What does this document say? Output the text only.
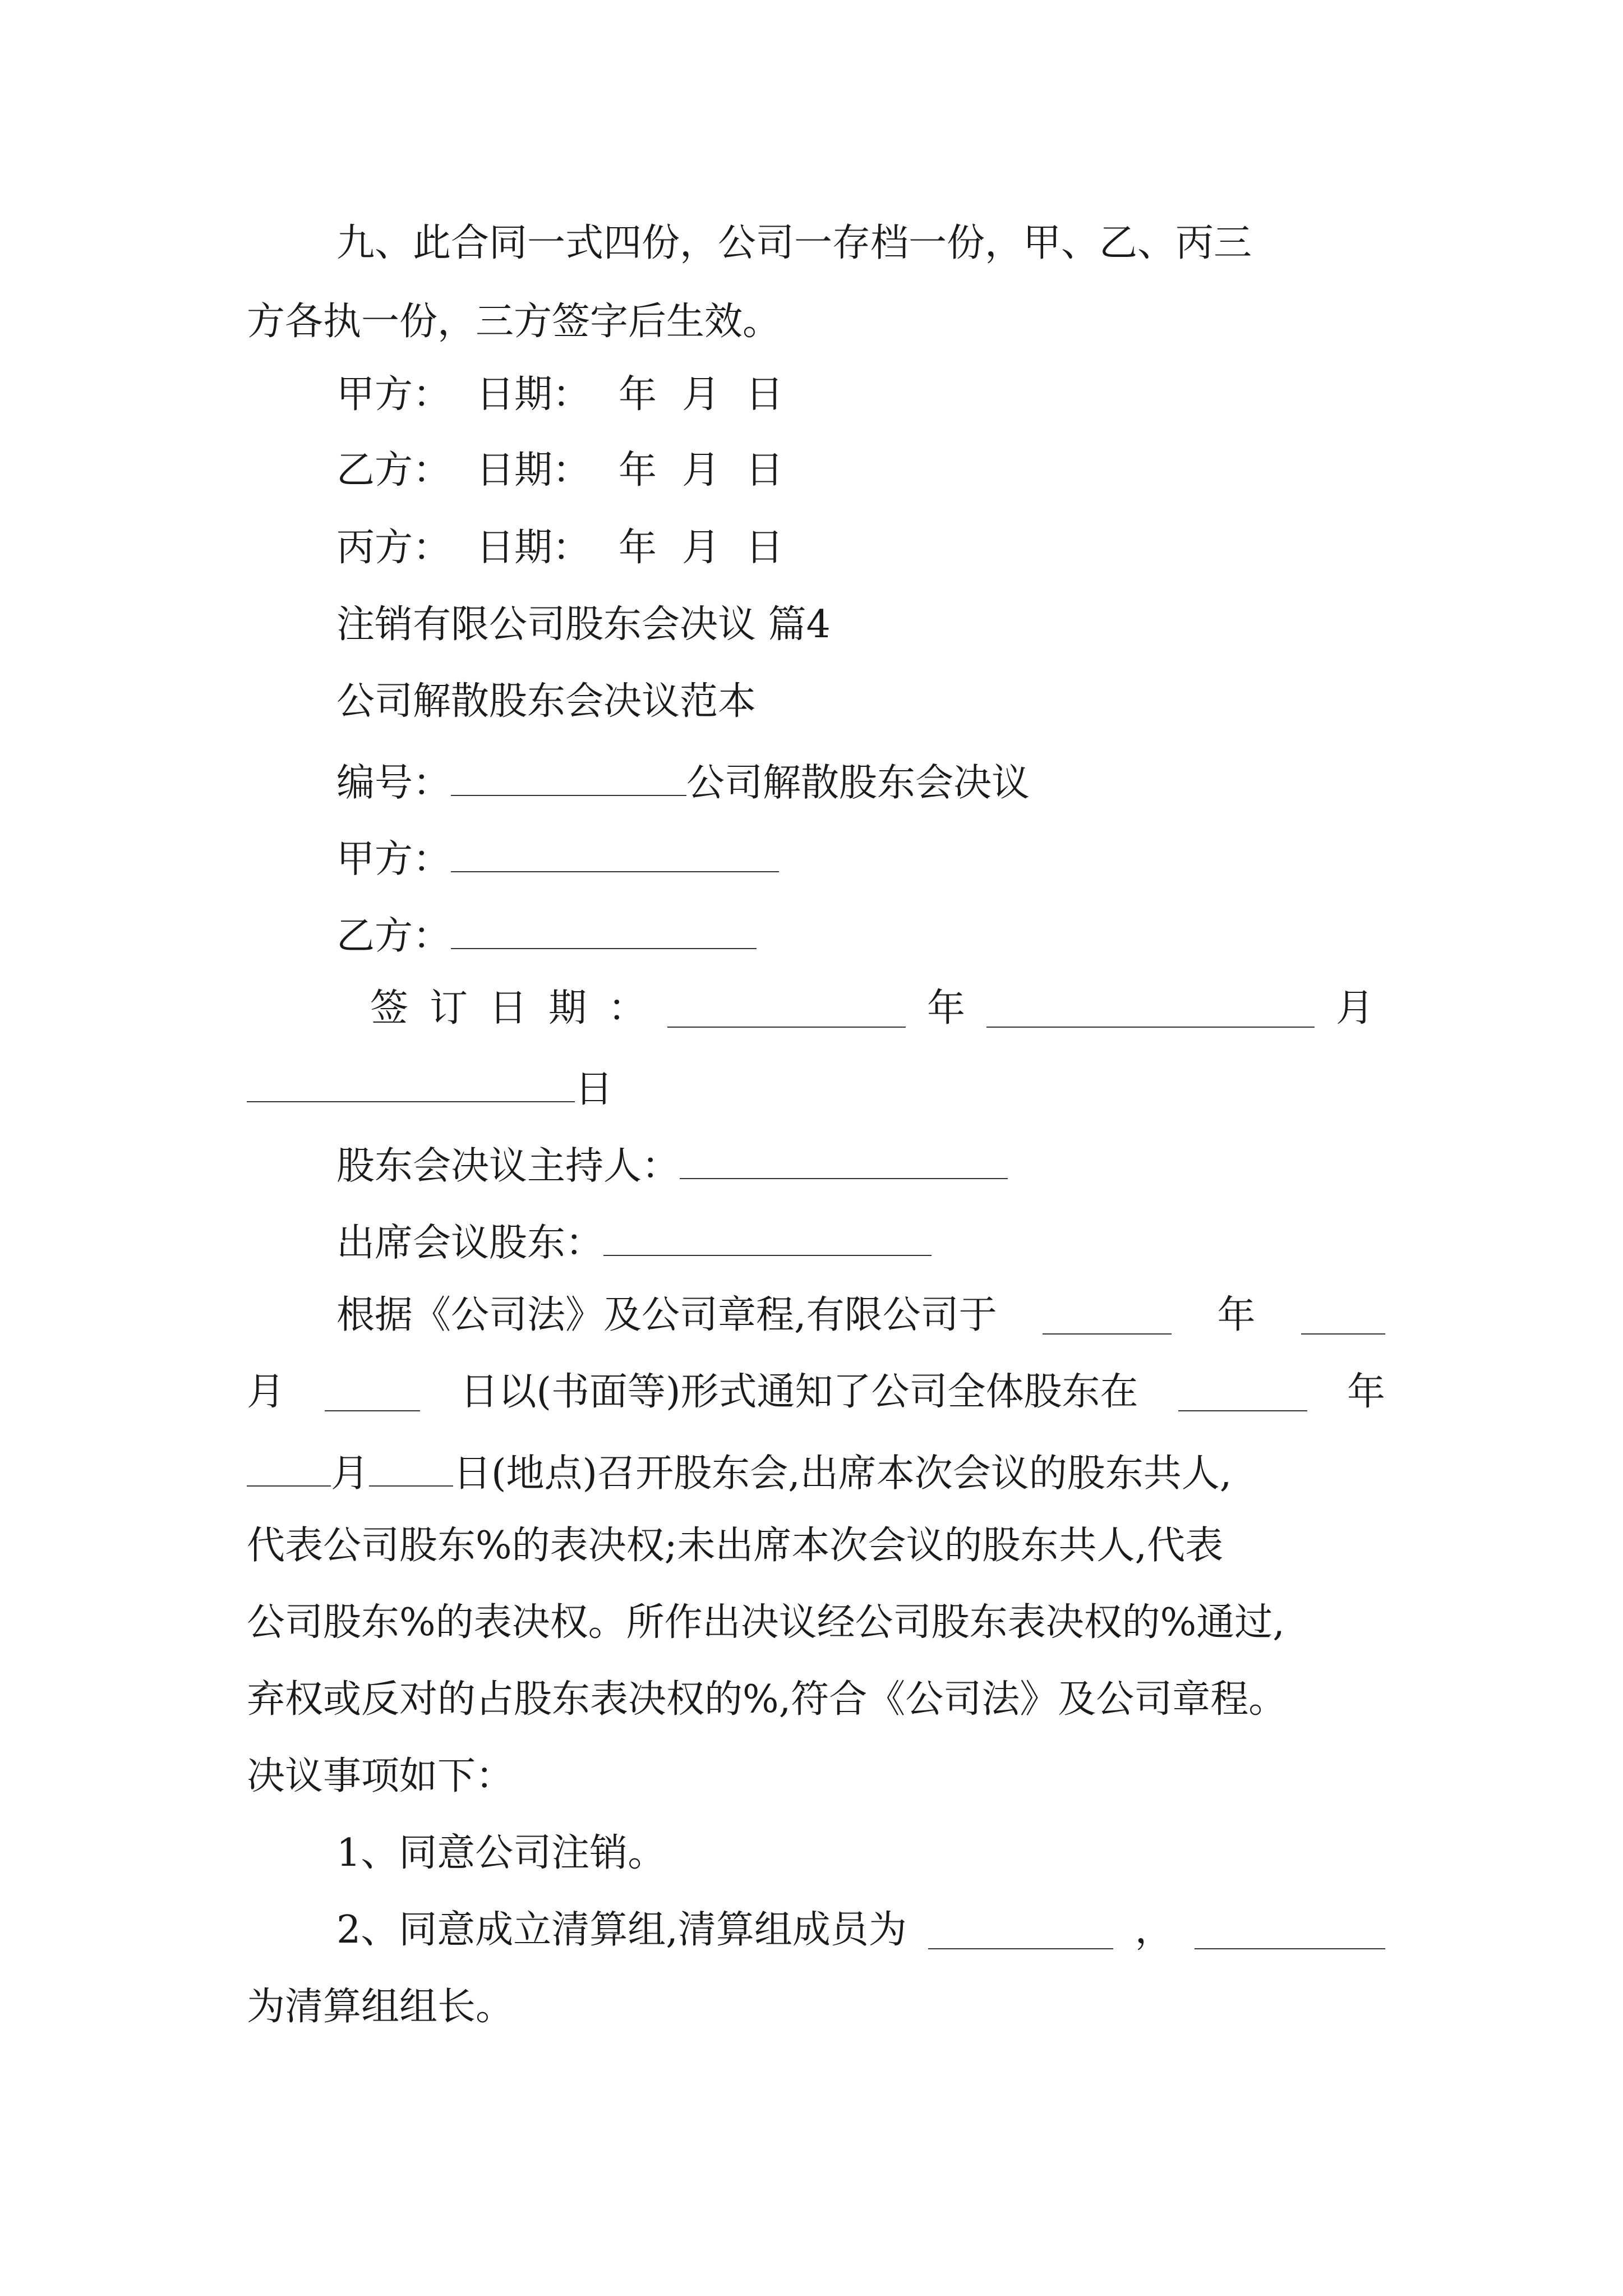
九、此合同一式四份，公司一存档一份，甲、乙、丙三
方各执一份，三方签字后生效。
甲方： 日期： 年 月 日
乙方： 日期： 年 月 日
丙方： 日期： 年 月 日
注销有限公司股东会决议 篇4
公司解散股东会决议范本
编号：	公司解散股东会决议
甲方：
乙方：
签 订 日 期 ：	年	月
日
股东会决议主持人：
出席会议股东：
根据《公司法》及公司章程,有限公司于	年
月	日以(书面等)形式通知了公司全体股东在	年
月 日(地点)召开股东会,出席本次会议的股东共人,
代表公司股东%的表决权;未出席本次会议的股东共人,代表
公司股东%的表决权。所作出决议经公司股东表决权的%通过,
弃权或反对的占股东表决权的%,符合《公司法》及公司章程。
决议事项如下：
1、同意公司注销。
2、同意成立清算组,清算组成员为	，
为清算组组长。
